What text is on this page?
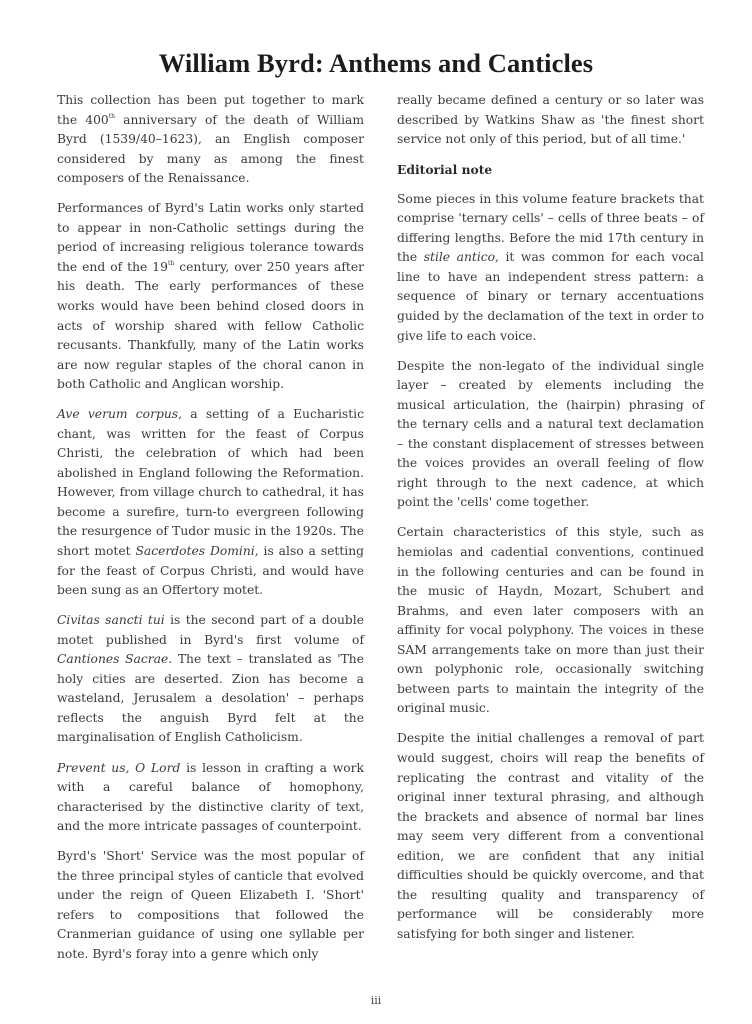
William Byrd: Anthems and Canticles

This collection has been put together to mark the 400th anniversary of the death of William Byrd (1539/40–1623), an English composer considered by many as among the finest composers of the Renaissance.

Performances of Byrd's Latin works only started to appear in non-Catholic settings during the period of increasing religious tolerance towards the end of the 19th century, over 250 years after his death. The early performances of these works would have been behind closed doors in acts of worship shared with fellow Catholic recusants. Thankfully, many of the Latin works are now regular staples of the choral canon in both Catholic and Anglican worship.

Ave verum corpus, a setting of a Eucharistic chant, was written for the feast of Corpus Christi, the celebration of which had been abolished in England following the Reformation. However, from village church to cathedral, it has become a surefire, turn-to evergreen following the resurgence of Tudor music in the 1920s. The short motet Sacerdotes Domini, is also a setting for the feast of Corpus Christi, and would have been sung as an Offertory motet.

Civitas sancti tui is the second part of a double motet published in Byrd's first volume of Cantiones Sacrae. The text – translated as 'The holy cities are deserted. Zion has become a wasteland, Jerusalem a desolation' – perhaps reflects the anguish Byrd felt at the marginalisation of English Catholicism.

Prevent us, O Lord is lesson in crafting a work with a careful balance of homophony, characterised by the distinctive clarity of text, and the more intricate passages of counterpoint.

Byrd's 'Short' Service was the most popular of the three principal styles of canticle that evolved under the reign of Queen Elizabeth I. 'Short' refers to compositions that followed the Cranmerian guidance of using one syllable per note. Byrd's foray into a genre which only

really became defined a century or so later was described by Watkins Shaw as 'the finest short service not only of this period, but of all time.'

Editorial note

Some pieces in this volume feature brackets that comprise 'ternary cells' – cells of three beats – of differing lengths. Before the mid 17th century in the stile antico, it was common for each vocal line to have an independent stress pattern: a sequence of binary or ternary accentuations guided by the declamation of the text in order to give life to each voice.

Despite the non-legato of the individual single layer – created by elements including the musical articulation, the (hairpin) phrasing of the ternary cells and a natural text declamation – the constant displacement of stresses between the voices provides an overall feeling of flow right through to the next cadence, at which point the 'cells' come together.

Certain characteristics of this style, such as hemiolas and cadential conventions, continued in the following centuries and can be found in the music of Haydn, Mozart, Schubert and Brahms, and even later composers with an affinity for vocal polyphony. The voices in these SAM arrangements take on more than just their own polyphonic role, occasionally switching between parts to maintain the integrity of the original music.

Despite the initial challenges a removal of part would suggest, choirs will reap the benefits of replicating the contrast and vitality of the original inner textural phrasing, and although the brackets and absence of normal bar lines may seem very different from a conventional edition, we are confident that any initial difficulties should be quickly overcome, and that the resulting quality and transparency of performance will be considerably more satisfying for both singer and listener.

iii
